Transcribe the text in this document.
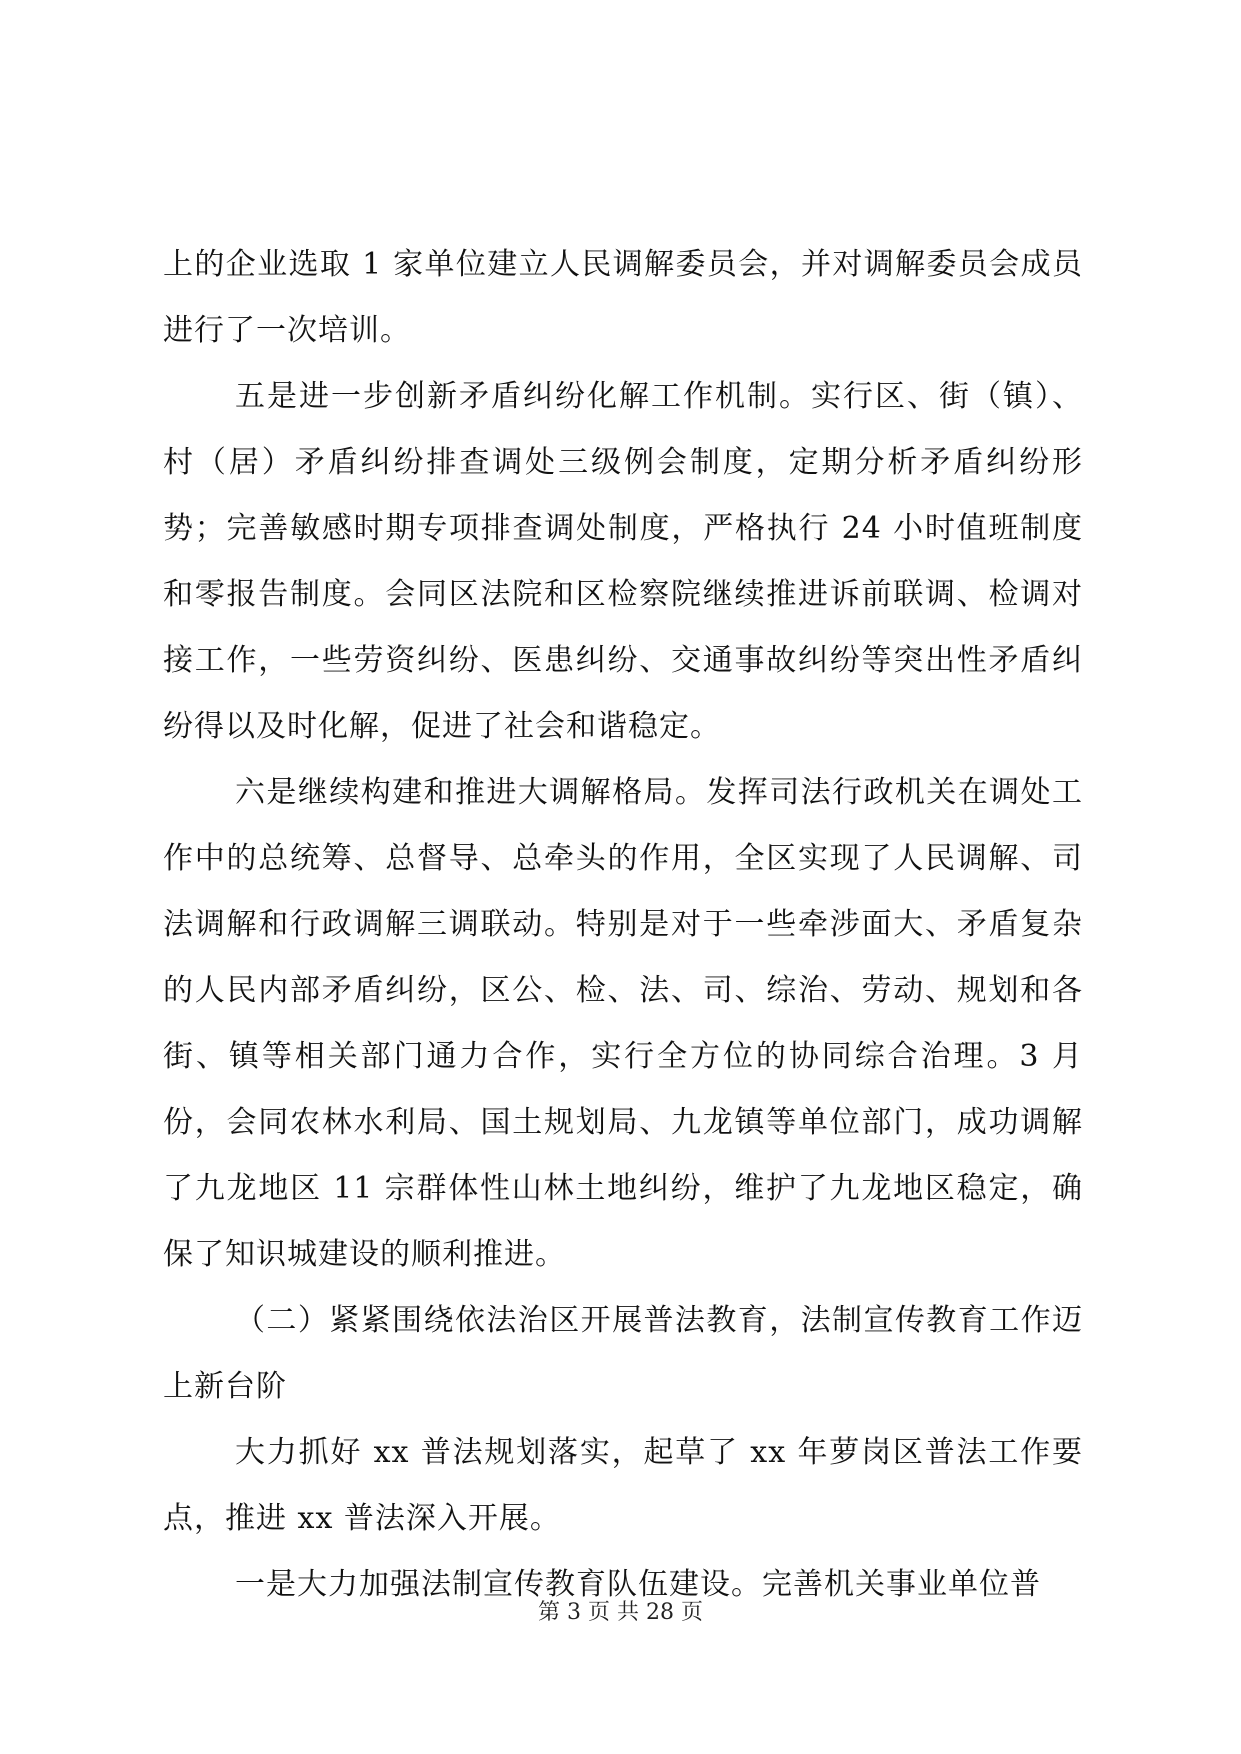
上的企业选取 1 家单位建立人民调解委员会，并对调解委员会成员进行了一次培训。

五是进一步创新矛盾纠纷化解工作机制。实行区、街（镇）、村（居）矛盾纠纷排查调处三级例会制度，定期分析矛盾纠纷形势；完善敏感时期专项排查调处制度，严格执行 24 小时值班制度和零报告制度。会同区法院和区检察院继续推进诉前联调、检调对接工作，一些劳资纠纷、医患纠纷、交通事故纠纷等突出性矛盾纠纷得以及时化解，促进了社会和谐稳定。

六是继续构建和推进大调解格局。发挥司法行政机关在调处工作中的总统筹、总督导、总牵头的作用，全区实现了人民调解、司法调解和行政调解三调联动。特别是对于一些牵涉面大、矛盾复杂的人民内部矛盾纠纷，区公、检、法、司、综治、劳动、规划和各街、镇等相关部门通力合作，实行全方位的协同综合治理。3 月份，会同农林水利局、国土规划局、九龙镇等单位部门，成功调解了九龙地区 11 宗群体性山林土地纠纷，维护了九龙地区稳定，确保了知识城建设的顺利推进。

（二）紧紧围绕依法治区开展普法教育，法制宣传教育工作迈上新台阶

大力抓好 xx 普法规划落实，起草了 xx 年萝岗区普法工作要点，推进 xx 普法深入开展。

一是大力加强法制宣传教育队伍建设。完善机关事业单位普

第 3 页 共 28 页
